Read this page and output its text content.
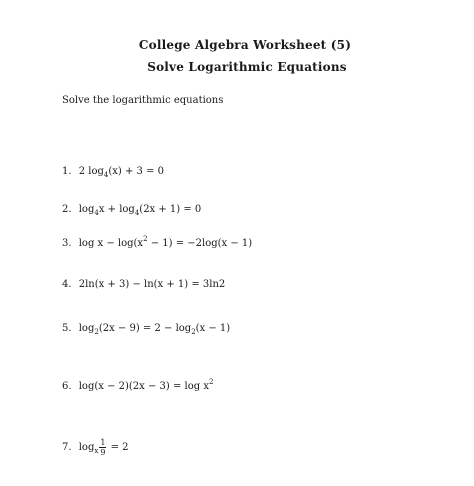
College Algebra Worksheet (5)
Solve Logarithmic Equations
Solve the logarithmic equations
1. 2 $\log_4(x) + 3 = 0$
2. $\log_4x + \log_4(2x + 1) = 0$
3. $\log x - \log(x^2 - 1) = -2\log(x - 1)$
4. 2ln(x + 3) − ln(x + 1) = 3ln2
5. $\log_2(2x - 9) = 2 - \log_2(x - 1)$
6. $\log(x - 2)(2x - 3) = \log x^2$
7. $\log_x \frac{1}{9} = 2$
